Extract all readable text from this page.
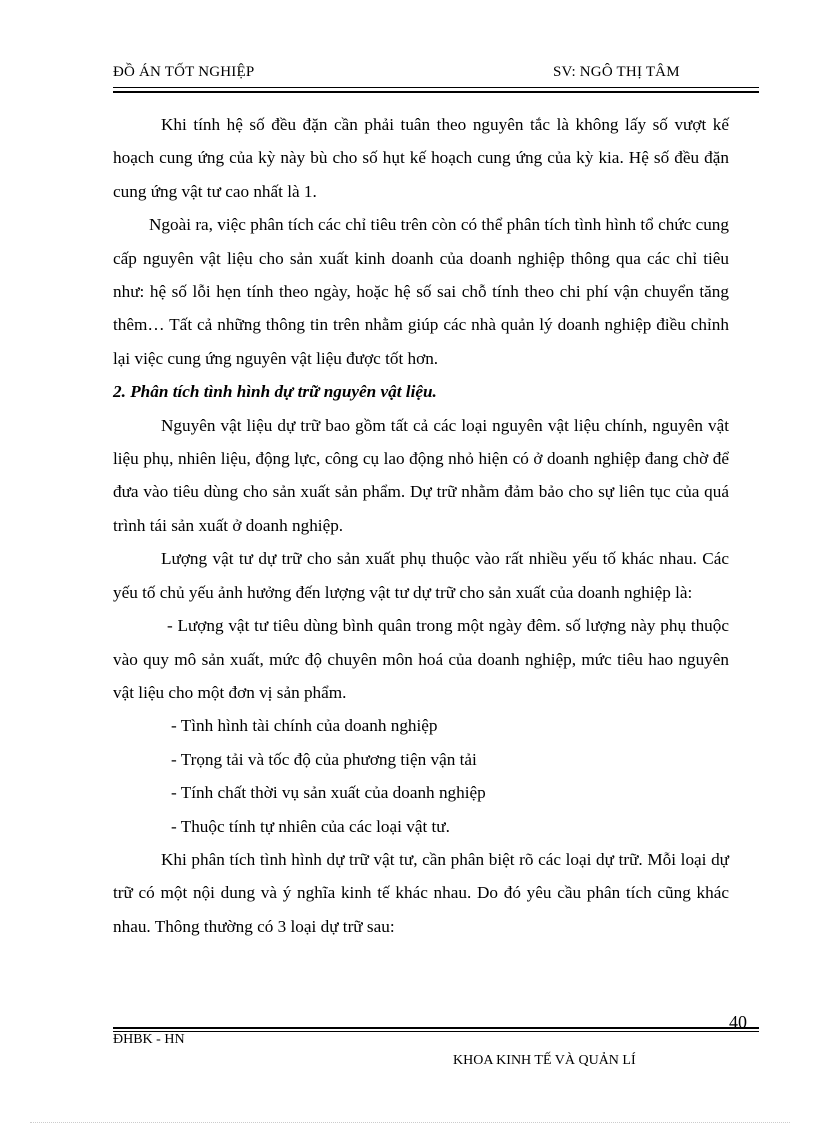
ĐỒ ÁN TỐT NGHIỆP	SV: NGÔ THỊ TÂM

Khi tính hệ số đều đặn cần phải tuân theo nguyên tắc là không lấy số vượt kế hoạch cung ứng của kỳ này bù cho số hụt kế hoạch cung ứng của kỳ kia. Hệ số đều đặn cung ứng vật tư cao nhất là 1.

Ngoài ra, việc phân tích các chỉ tiêu trên còn có thể phân tích tình hình tổ chức cung cấp nguyên vật liệu cho sản xuất kinh doanh của doanh nghiệp thông qua các chỉ tiêu như: hệ số lỗi hẹn tính theo ngày, hoặc hệ số sai chỗ tính theo chi phí vận chuyển tăng thêm… Tất cả những thông tin trên nhằm giúp các nhà quản lý doanh nghiệp điều chỉnh lại việc cung ứng nguyên vật liệu được tốt hơn.

2. Phân tích tình hình dự trữ nguyên vật liệu.

Nguyên vật liệu dự trữ bao gồm tất cả các loại nguyên vật liệu chính, nguyên vật liệu phụ, nhiên liệu, động lực, công cụ lao động nhỏ hiện có ở doanh nghiệp đang chờ để đưa vào tiêu dùng cho sản xuất sản phẩm. Dự trữ nhằm đảm bảo cho sự liên tục của quá trình tái sản xuất ở doanh nghiệp.

Lượng vật tư dự trữ cho sản xuất phụ thuộc vào rất nhiều yếu tố khác nhau. Các yếu tố chủ yếu ảnh hưởng đến lượng vật tư dự trữ cho sản xuất của doanh nghiệp là:

- Lượng vật tư tiêu dùng bình quân trong một ngày đêm. số lượng này phụ thuộc vào quy mô sản xuất, mức độ chuyên môn hoá của doanh nghiệp, mức tiêu hao nguyên vật liệu cho một đơn vị sản phẩm.

- Tình hình tài chính của doanh nghiệp

- Trọng tải và tốc độ của phương tiện vận tải

- Tính chất thời vụ sản xuất của doanh nghiệp

- Thuộc tính tự nhiên của các loại vật tư.

Khi phân tích tình hình dự trữ vật tư, cần phân biệt rõ các loại dự trữ. Mỗi loại dự trữ có một nội dung và ý nghĩa kinh tế khác nhau. Do đó yêu cầu phân tích cũng khác nhau. Thông thường có 3 loại dự trữ sau:

40
ĐHBK - HN
KHOA KINH TẾ VÀ QUẢN LÍ
